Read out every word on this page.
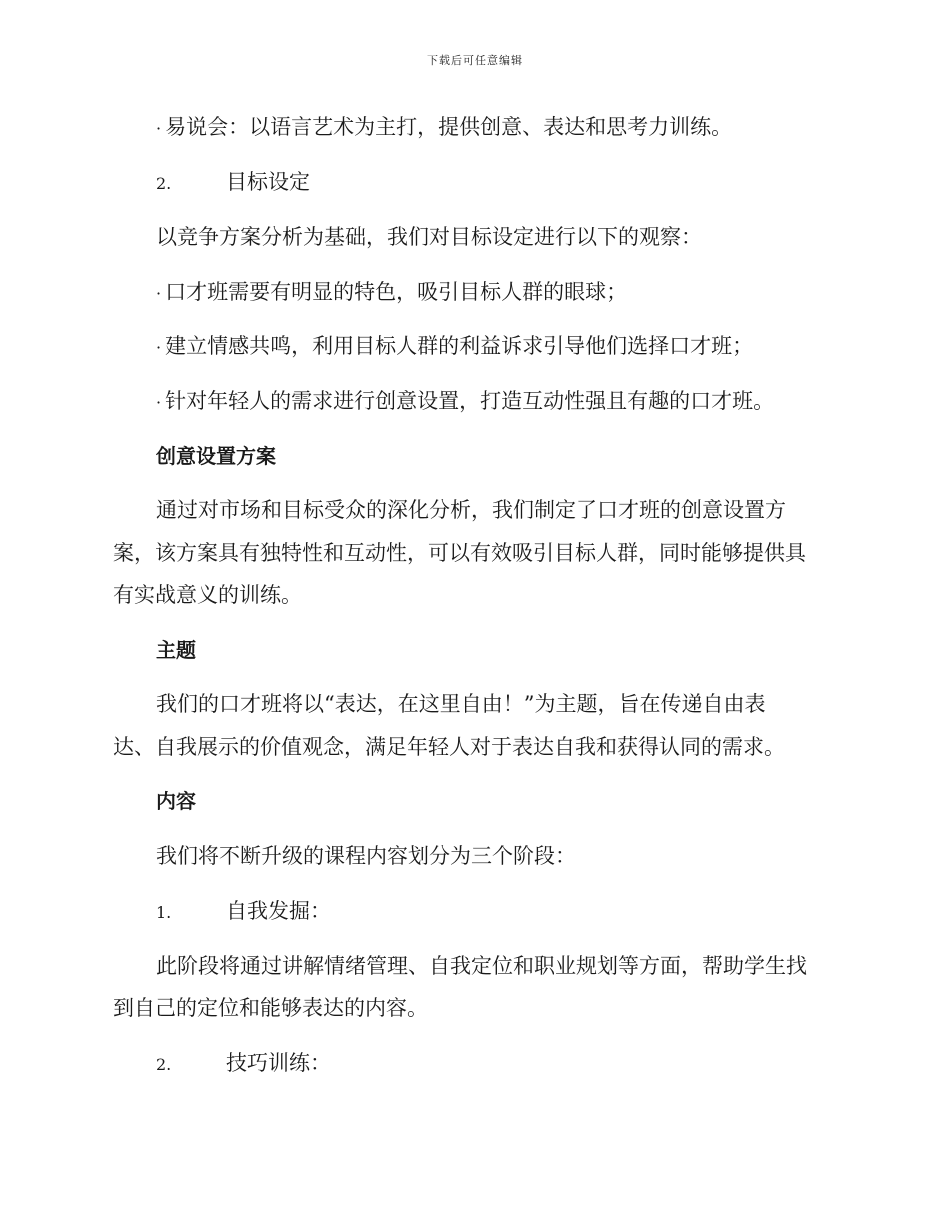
下载后可任意编辑
· 易说会：以语言艺术为主打，提供创意、表达和思考力训练。
2.	目标设定
以竞争方案分析为基础，我们对目标设定进行以下的观察：
· 口才班需要有明显的特色，吸引目标人群的眼球；
· 建立情感共鸣，利用目标人群的利益诉求引导他们选择口才班；
· 针对年轻人的需求进行创意设置，打造互动性强且有趣的口才班。
创意设置方案
通过对市场和目标受众的深化分析，我们制定了口才班的创意设置方
案，该方案具有独特性和互动性，可以有效吸引目标人群，同时能够提供具
有实战意义的训练。
主题
我们的口才班将以“表达，在这里自由！”为主题，旨在传递自由表
达、自我展示的价值观念，满足年轻人对于表达自我和获得认同的需求。
内容
我们将不断升级的课程内容划分为三个阶段：
1.	自我发掘：
此阶段将通过讲解情绪管理、自我定位和职业规划等方面，帮助学生找
到自己的定位和能够表达的内容。
2.	技巧训练：
